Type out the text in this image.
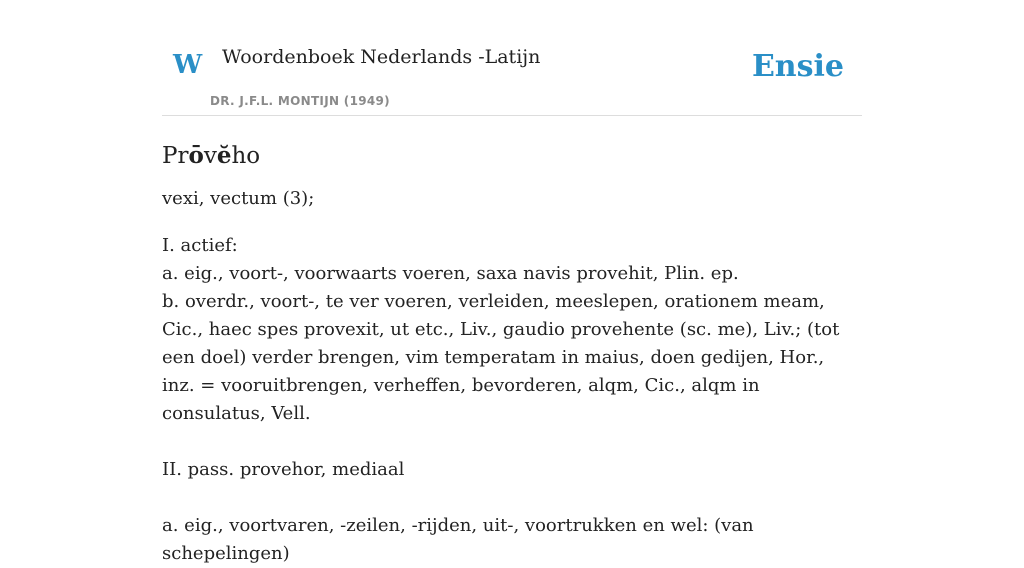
W Woordenboek Nederlands -Latijn
DR. J.F.L. MONTIJN (1949)
Ensie
Prōvĕho

vexi, vectum (3);

I. actief:

a. eig., voort-, voorwaarts voeren, saxa navis provehit, Plin. ep.

b. overdr., voort-, te ver voeren, verleiden, meeslepen, orationem meam, Cic., haec spes provexit, ut etc., Liv., gaudio provehente (sc. me), Liv.; (tot een doel) verder brengen, vim temperatam in maius, doen gedijen, Hor., inz. = vooruitbrengen, verheffen, bevorderen, alqm, Cic., alqm in consulatus, Vell.

II. pass. provehor, mediaal

a. eig., voortvaren, -zeilen, -rijden, uit-, voortrukken en wel: (van schepelingen)
